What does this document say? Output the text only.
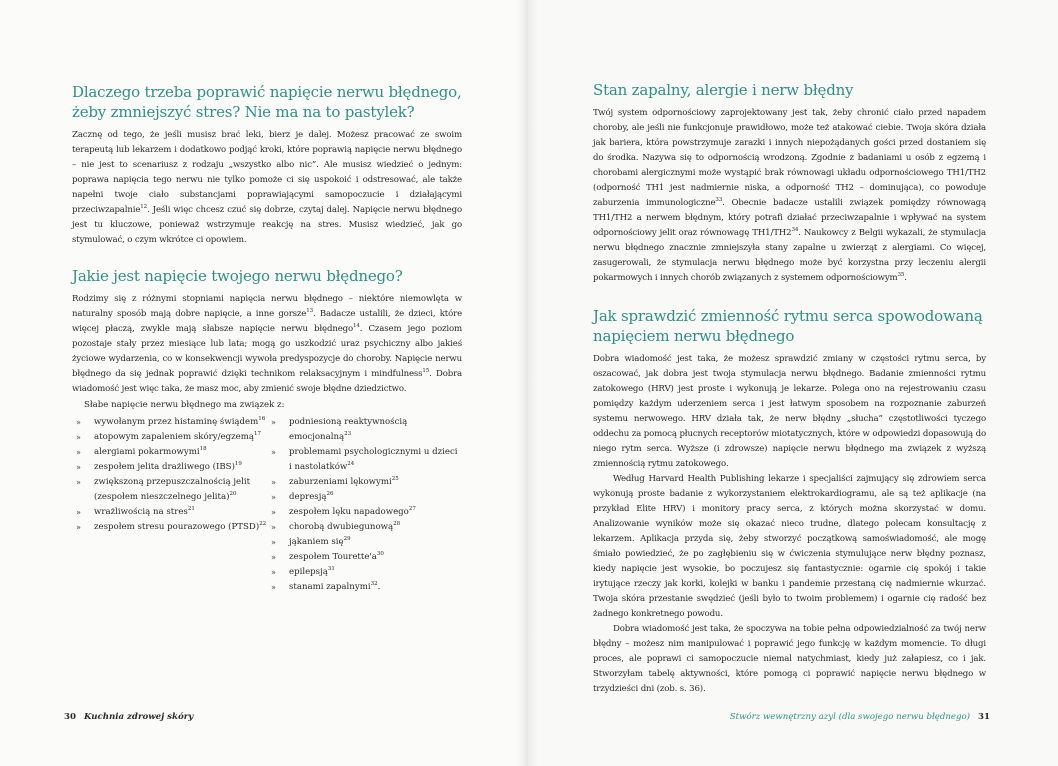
Dlaczego trzeba poprawić napięcie nerwu błędnego, żeby zmniejszyć stres? Nie ma na to pastylek?

Zacznę od tego, że jeśli musisz brać leki, bierz je dalej. Możesz pracować ze swoim terapeutą lub lekarzem i dodatkowo podjąć kroki, które poprawią napięcie nerwu błędnego – nie jest to scenariusz z rodzaju „wszystko albo nic”. Ale musisz wiedzieć o jednym: poprawa napięcia tego nerwu nie tylko pomoże ci się uspokoić i odstresować, ale także napełni twoje ciało substancjami poprawiającymi samopoczucie i działającymi przeciwzapalnie$^{12}$. Jeśli więc chcesz czuć się dobrze, czytaj dalej. Napięcie nerwu błędnego jest tu kluczowe, ponieważ wstrzymuje reakcję na stres. Musisz wiedzieć, jak go stymulować, o czym wkrótce ci opowiem.

Jakie jest napięcie twojego nerwu błędnego?

Rodzimy się z różnymi stopniami napięcia nerwu błędnego – niektóre niemowlęta w naturalny sposób mają dobre napięcie, a inne gorsze$^{13}$. Badacze ustalili, że dzieci, które więcej płaczą, zwykle mają słabsze napięcie nerwu błędnego$^{14}$. Czasem jego poziom pozostaje stały przez miesiące lub lata; mogą go uszkodzić uraz psychiczny albo jakieś życiowe wydarzenia, co w konsekwencji wywoła predyspozycje do choroby. Napięcie nerwu błędnego da się jednak poprawić dzięki technikom relaksacyjnym i mindfulness$^{15}$. Dobra wiadomość jest więc taka, że masz moc, aby zmienić swoje błędne dziedzictwo.

Słabe napięcie nerwu błędnego ma związek z:
» wywołanym przez histaminę świądem$^{16}$
» atopowym zapaleniem skóry/egzemą$^{17}$
» alergiami pokarmowymi$^{18}$
» zespołem jelita drażliwego (IBS)$^{19}$
» zwiększoną przepuszczalnością jelit (zespołem nieszczelnego jelita)$^{20}$
» wrażliwością na stres$^{21}$
» zespołem stresu pourazowego (PTSD)$^{22}$
» podniesioną reaktywnością emocjonalną$^{23}$
» problemami psychologicznymi u dzieci i nastolatków$^{24}$
» zaburzeniami lękowymi$^{25}$
» depresją$^{26}$
» zespołem lęku napadowego$^{27}$
» chorobą dwubiegunową$^{28}$
» jąkaniem się$^{29}$
» zespołem $Tourette'a^{30}$
» epilepsją$^{31}$
» stanami zapalnymi$^{32}$.
30 Kuchnia zdrowej skóry
Stan zapalny, alergie i nerw błędny

Twój system odpornościowy zaprojektowany jest tak, żeby chronić ciało przed napadem choroby, ale jeśli nie funkcjonuje prawidłowo, może też atakować ciebie. Twoja skóra działa jak bariera, która powstrzymuje zarazki i innych niepożądanych gości przed dostaniem się do środka. Nazywa się to odpornością wrodzoną. Zgodnie z badaniami u osób z egzemą i chorobami alergicznymi może wystąpić brak równowagi układu odpornościowego TH1/TH2 (odporność TH1 jest nadmiernie niska, a odporność TH2 – dominująca), co powoduje zaburzenia immunologiczne$^{33}$. Obecnie badacze ustalili związek pomiędzy równowagą TH1/TH2 a nerwem błędnym, który potrafi działać przeciwzapalnie i wpływać na system odpornościowy jelit oraz równowagę $TH1/TH2^{34}$. Naukowcy z Belgii wykazali, że stymulacja nerwu błędnego znacznie zmniejszyła stany zapalne u zwierząt z alergiami. Co więcej, zasugerowali, że stymulacja nerwu błędnego może być korzystna przy leczeniu alergii pokarmowych i innych chorób związanych z systemem odpornościowym$^{35}$.

Jak sprawdzić zmienność rytmu serca spowodowaną napięciem nerwu błędnego

Dobra wiadomość jest taka, że możesz sprawdzić zmiany w częstości rytmu serca, by oszacować, jak dobra jest twoja stymulacja nerwu błędnego. Badanie zmienności rytmu zatokowego (HRV) jest proste i wykonują je lekarze. Polega ono na rejestrowaniu czasu pomiędzy każdym uderzeniem serca i jest łatwym sposobem na rozpoznanie zaburzeń systemu nerwowego. HRV działa tak, że nerw błędny „słucha” częstotliwości tyczego oddechu za pomocą płucnych receptorów miotatycznych, które w odpowiedzi dopasowują do niego rytm serca. Wyższe (i zdrowsze) napięcie nerwu błędnego ma związek z wyższą zmiennością rytmu zatokowego.

Według Harvard Health Publishing lekarze i specjaliści zajmujący się zdrowiem serca wykonują proste badanie z wykorzystaniem elektrokardiogramu, ale są też aplikacje (na przykład Elite HRV) i monitory pracy serca, z których można skorzystać w domu. Analizowanie wyników może się okazać nieco trudne, dlatego polecam konsultację z lekarzem. Aplikacja przyda się, żeby stworzyć początkową samoświadomość, ale mogę śmiało powiedzieć, że po zagłębieniu się w ćwiczenia stymulujące nerw błędny poznasz, kiedy napięcie jest wysokie, bo poczujesz się fantastycznie: ogarnie cię spokój i takie irytujące rzeczy jak korki, kolejki w banku i pandemie przestaną cię nadmiernie wkurzać. Twoja skóra przestanie swędzieć (jeśli było to twoim problemem) i ogarnie cię radość bez żadnego konkretnego powodu.

Dobra wiadomość jest taka, że spoczywa na tobie pełna odpowiedzialność za twój nerw błędny – możesz nim manipulować i poprawić jego funkcję w każdym momencie. To długi proces, ale poprawi ci samopoczucie niemal natychmiast, kiedy już załapiesz, co i jak. Stworzyłam tabelę aktywności, które pomogą ci poprawić napięcie nerwu błędnego w trzydzieści dni (zob. s. 36).

Stwórz wewnętrzny azyl (dla swojego nerwu błędnego) 31
